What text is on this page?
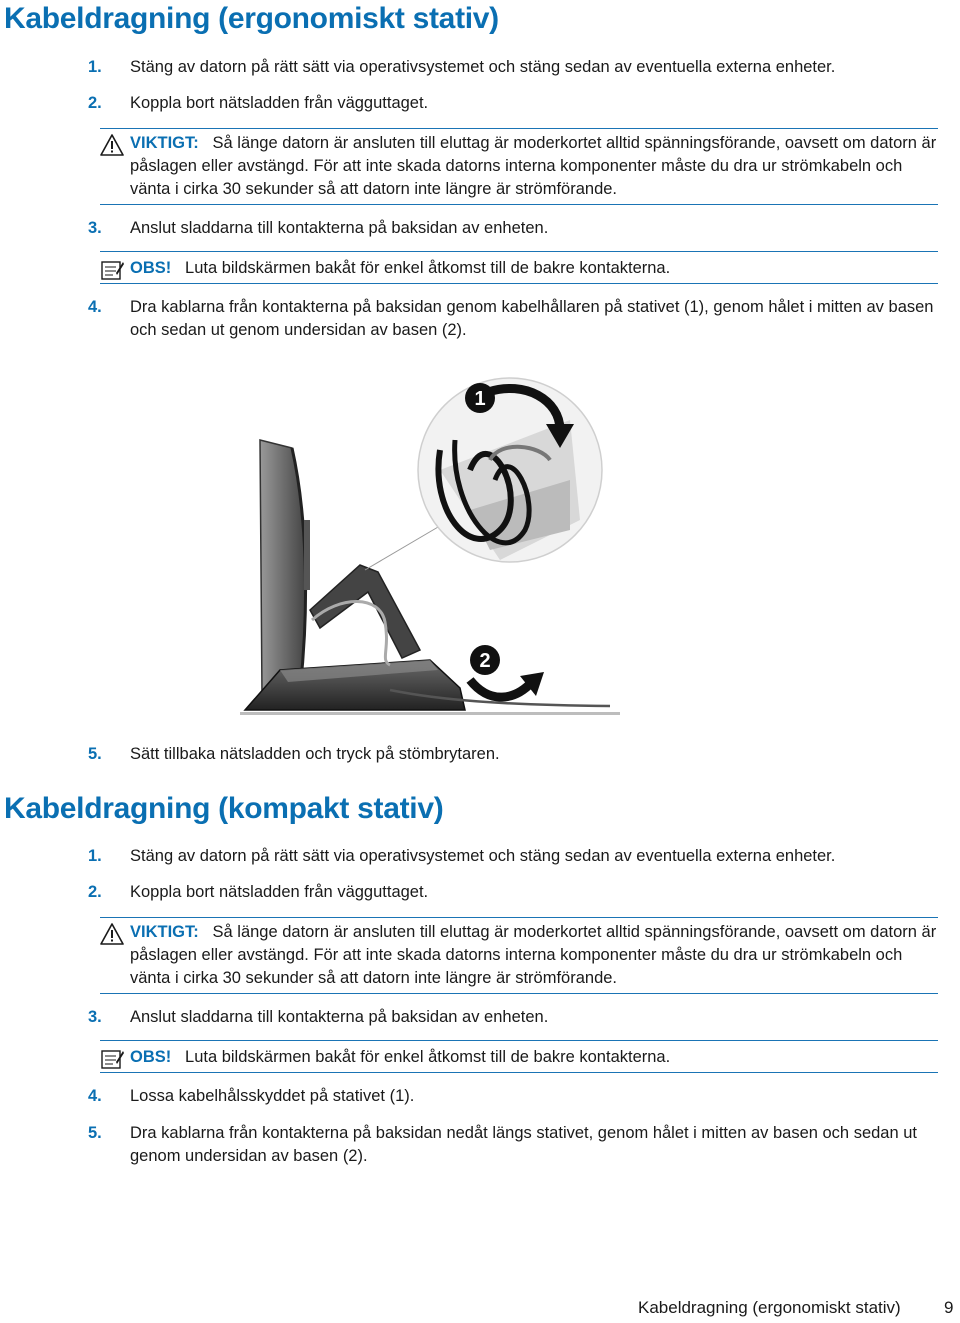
Kabeldragning (ergonomiskt stativ)
1. Stäng av datorn på rätt sätt via operativsystemet och stäng sedan av eventuella externa enheter.
2. Koppla bort nätsladden från vägguttaget.
VIKTIGT: Så länge datorn är ansluten till eluttag är moderkortet alltid spänningsförande, oavsett om datorn är påslagen eller avstängd. För att inte skada datorns interna komponenter måste du dra ur strömkabeln och vänta i cirka 30 sekunder så att datorn inte längre är strömförande.
3. Anslut sladdarna till kontakterna på baksidan av enheten.
OBS! Luta bildskärmen bakåt för enkel åtkomst till de bakre kontakterna.
4. Dra kablarna från kontakterna på baksidan genom kabelhållaren på stativet (1), genom hålet i mitten av basen och sedan ut genom undersidan av basen (2).
1
2
5. Sätt tillbaka nätsladden och tryck på stömbrytaren.
Kabeldragning (kompakt stativ)
1. Stäng av datorn på rätt sätt via operativsystemet och stäng sedan av eventuella externa enheter.
2. Koppla bort nätsladden från vägguttaget.
VIKTIGT: Så länge datorn är ansluten till eluttag är moderkortet alltid spänningsförande, oavsett om datorn är påslagen eller avstängd. För att inte skada datorns interna komponenter måste du dra ur strömkabeln och vänta i cirka 30 sekunder så att datorn inte längre är strömförande.
3. Anslut sladdarna till kontakterna på baksidan av enheten.
OBS! Luta bildskärmen bakåt för enkel åtkomst till de bakre kontakterna.
4. Lossa kabelhålsskyddet på stativet (1).
5. Dra kablarna från kontakterna på baksidan nedåt längs stativet, genom hålet i mitten av basen och sedan ut genom undersidan av basen (2).
Kabeldragning (ergonomiskt stativ)	9
